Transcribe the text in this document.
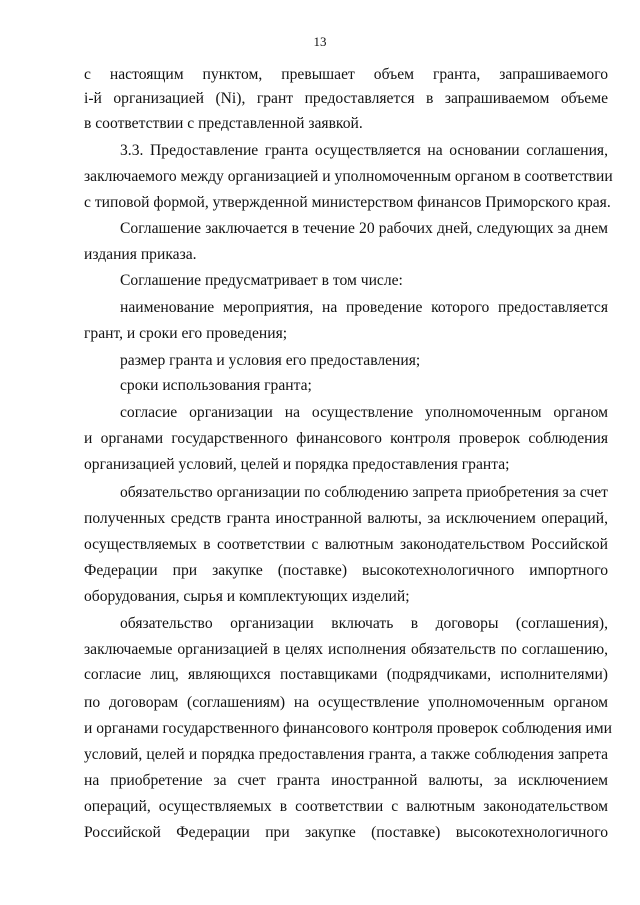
13
с настоящим пунктом, превышает объем гранта, запрашиваемого
i-й организацией (Ni), грант предоставляется в запрашиваемом объеме
в соответствии с представленной заявкой.
3.3. Предоставление гранта осуществляется на основании соглашения,
заключаемого между организацией и уполномоченным органом в соответствии
с типовой формой, утвержденной министерством финансов Приморского края.
Соглашение заключается в течение 20 рабочих дней, следующих за днем
издания приказа.
Соглашение предусматривает в том числе:
наименование мероприятия, на проведение которого предоставляется
грант, и сроки его проведения;
размер гранта и условия его предоставления;
сроки использования гранта;
согласие организации на осуществление уполномоченным органом
и органами государственного финансового контроля проверок соблюдения
организацией условий, целей и порядка предоставления гранта;
обязательство организации по соблюдению запрета приобретения за счет
полученных средств гранта иностранной валюты, за исключением операций,
осуществляемых в соответствии с валютным законодательством Российской
Федерации при закупке (поставке) высокотехнологичного импортного
оборудования, сырья и комплектующих изделий;
обязательство организации включать в договоры (соглашения),
заключаемые организацией в целях исполнения обязательств по соглашению,
согласие лиц, являющихся поставщиками (подрядчиками, исполнителями)
по договорам (соглашениям) на осуществление уполномоченным органом
и органами государственного финансового контроля проверок соблюдения ими
условий, целей и порядка предоставления гранта, а также соблюдения запрета
на приобретение за счет гранта иностранной валюты, за исключением
операций, осуществляемых в соответствии с валютным законодательством
Российской Федерации при закупке (поставке) высокотехнологичного
